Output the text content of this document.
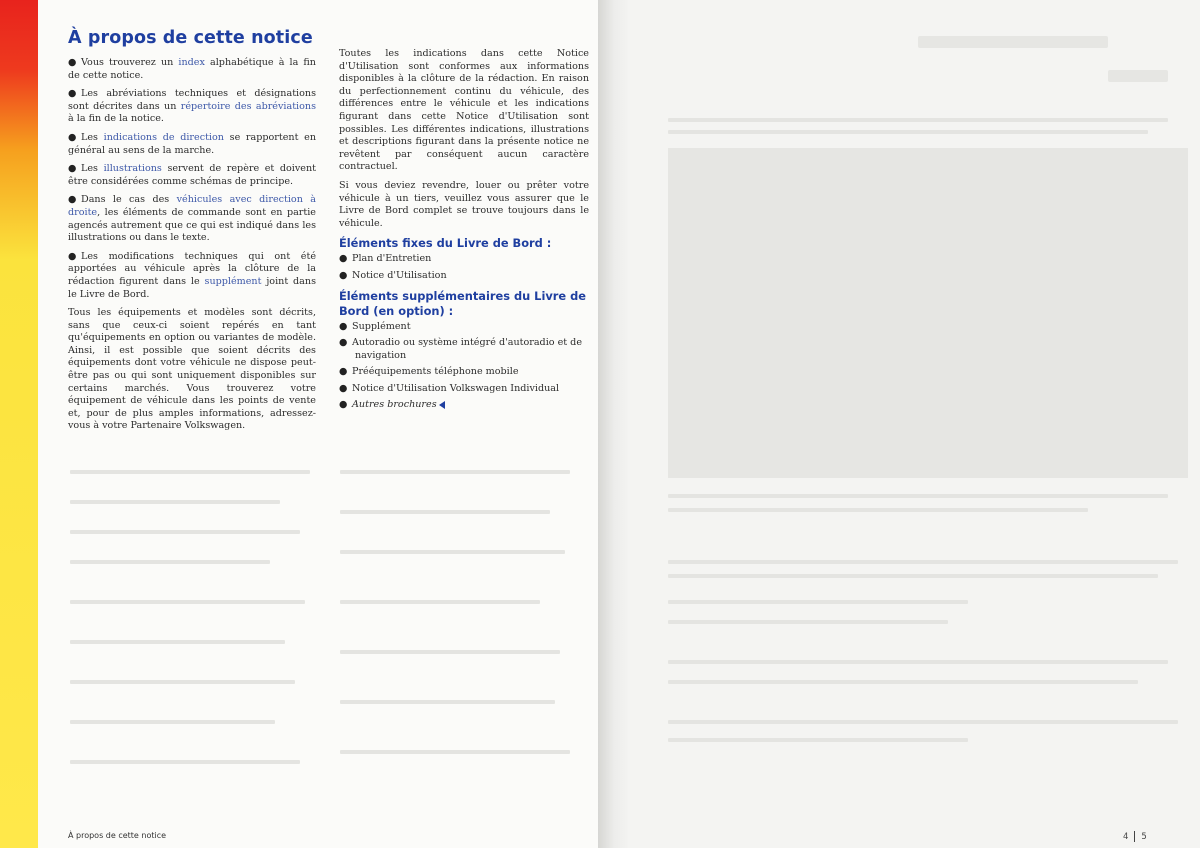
À propos de cette notice

● Vous trouverez un index alphabétique à la fin de cette notice.

● Les abréviations techniques et désignations sont décrites dans un répertoire des abréviations à la fin de la notice.

● Les indications de direction se rapportent en général au sens de la marche.

● Les illustrations servent de repère et doivent être considérées comme schémas de principe.

● Dans le cas des véhicules avec direction à droite, les éléments de commande sont en partie agencés autrement que ce qui est indiqué dans les illustrations ou dans le texte.

● Les modifications techniques qui ont été apportées au véhicule après la clôture de la rédaction figurent dans le supplément joint dans le Livre de Bord.

Tous les équipements et modèles sont décrits, sans que ceux-ci soient repérés en tant qu'équipements en option ou variantes de modèle. Ainsi, il est possible que soient décrits des équipements dont votre véhicule ne dispose peut-être pas ou qui sont uniquement disponibles sur certains marchés. Vous trouverez votre équipement de véhicule dans les points de vente et, pour de plus amples informations, adressez-vous à votre Partenaire Volkswagen.

Toutes les indications dans cette Notice d'Utilisation sont conformes aux informations disponibles à la clôture de la rédaction. En raison du perfectionnement continu du véhicule, des différences entre le véhicule et les indications figurant dans cette Notice d'Utilisation sont possibles. Les différentes indications, illustrations et descriptions figurant dans la présente notice ne revêtent par conséquent aucun caractère contractuel.

Si vous deviez revendre, louer ou prêter votre véhicule à un tiers, veuillez vous assurer que le Livre de Bord complet se trouve toujours dans le véhicule.

Éléments fixes du Livre de Bord :
● Plan d'Entretien
● Notice d'Utilisation
Éléments supplémentaires du Livre de Bord (en option) :
● Supplément
● Autoradio ou système intégré d'autoradio et de navigation
● Prééquipements téléphone mobile
● Notice d'Utilisation Volkswagen Individual
● Autres brochures
À propos de cette notice	4 5
